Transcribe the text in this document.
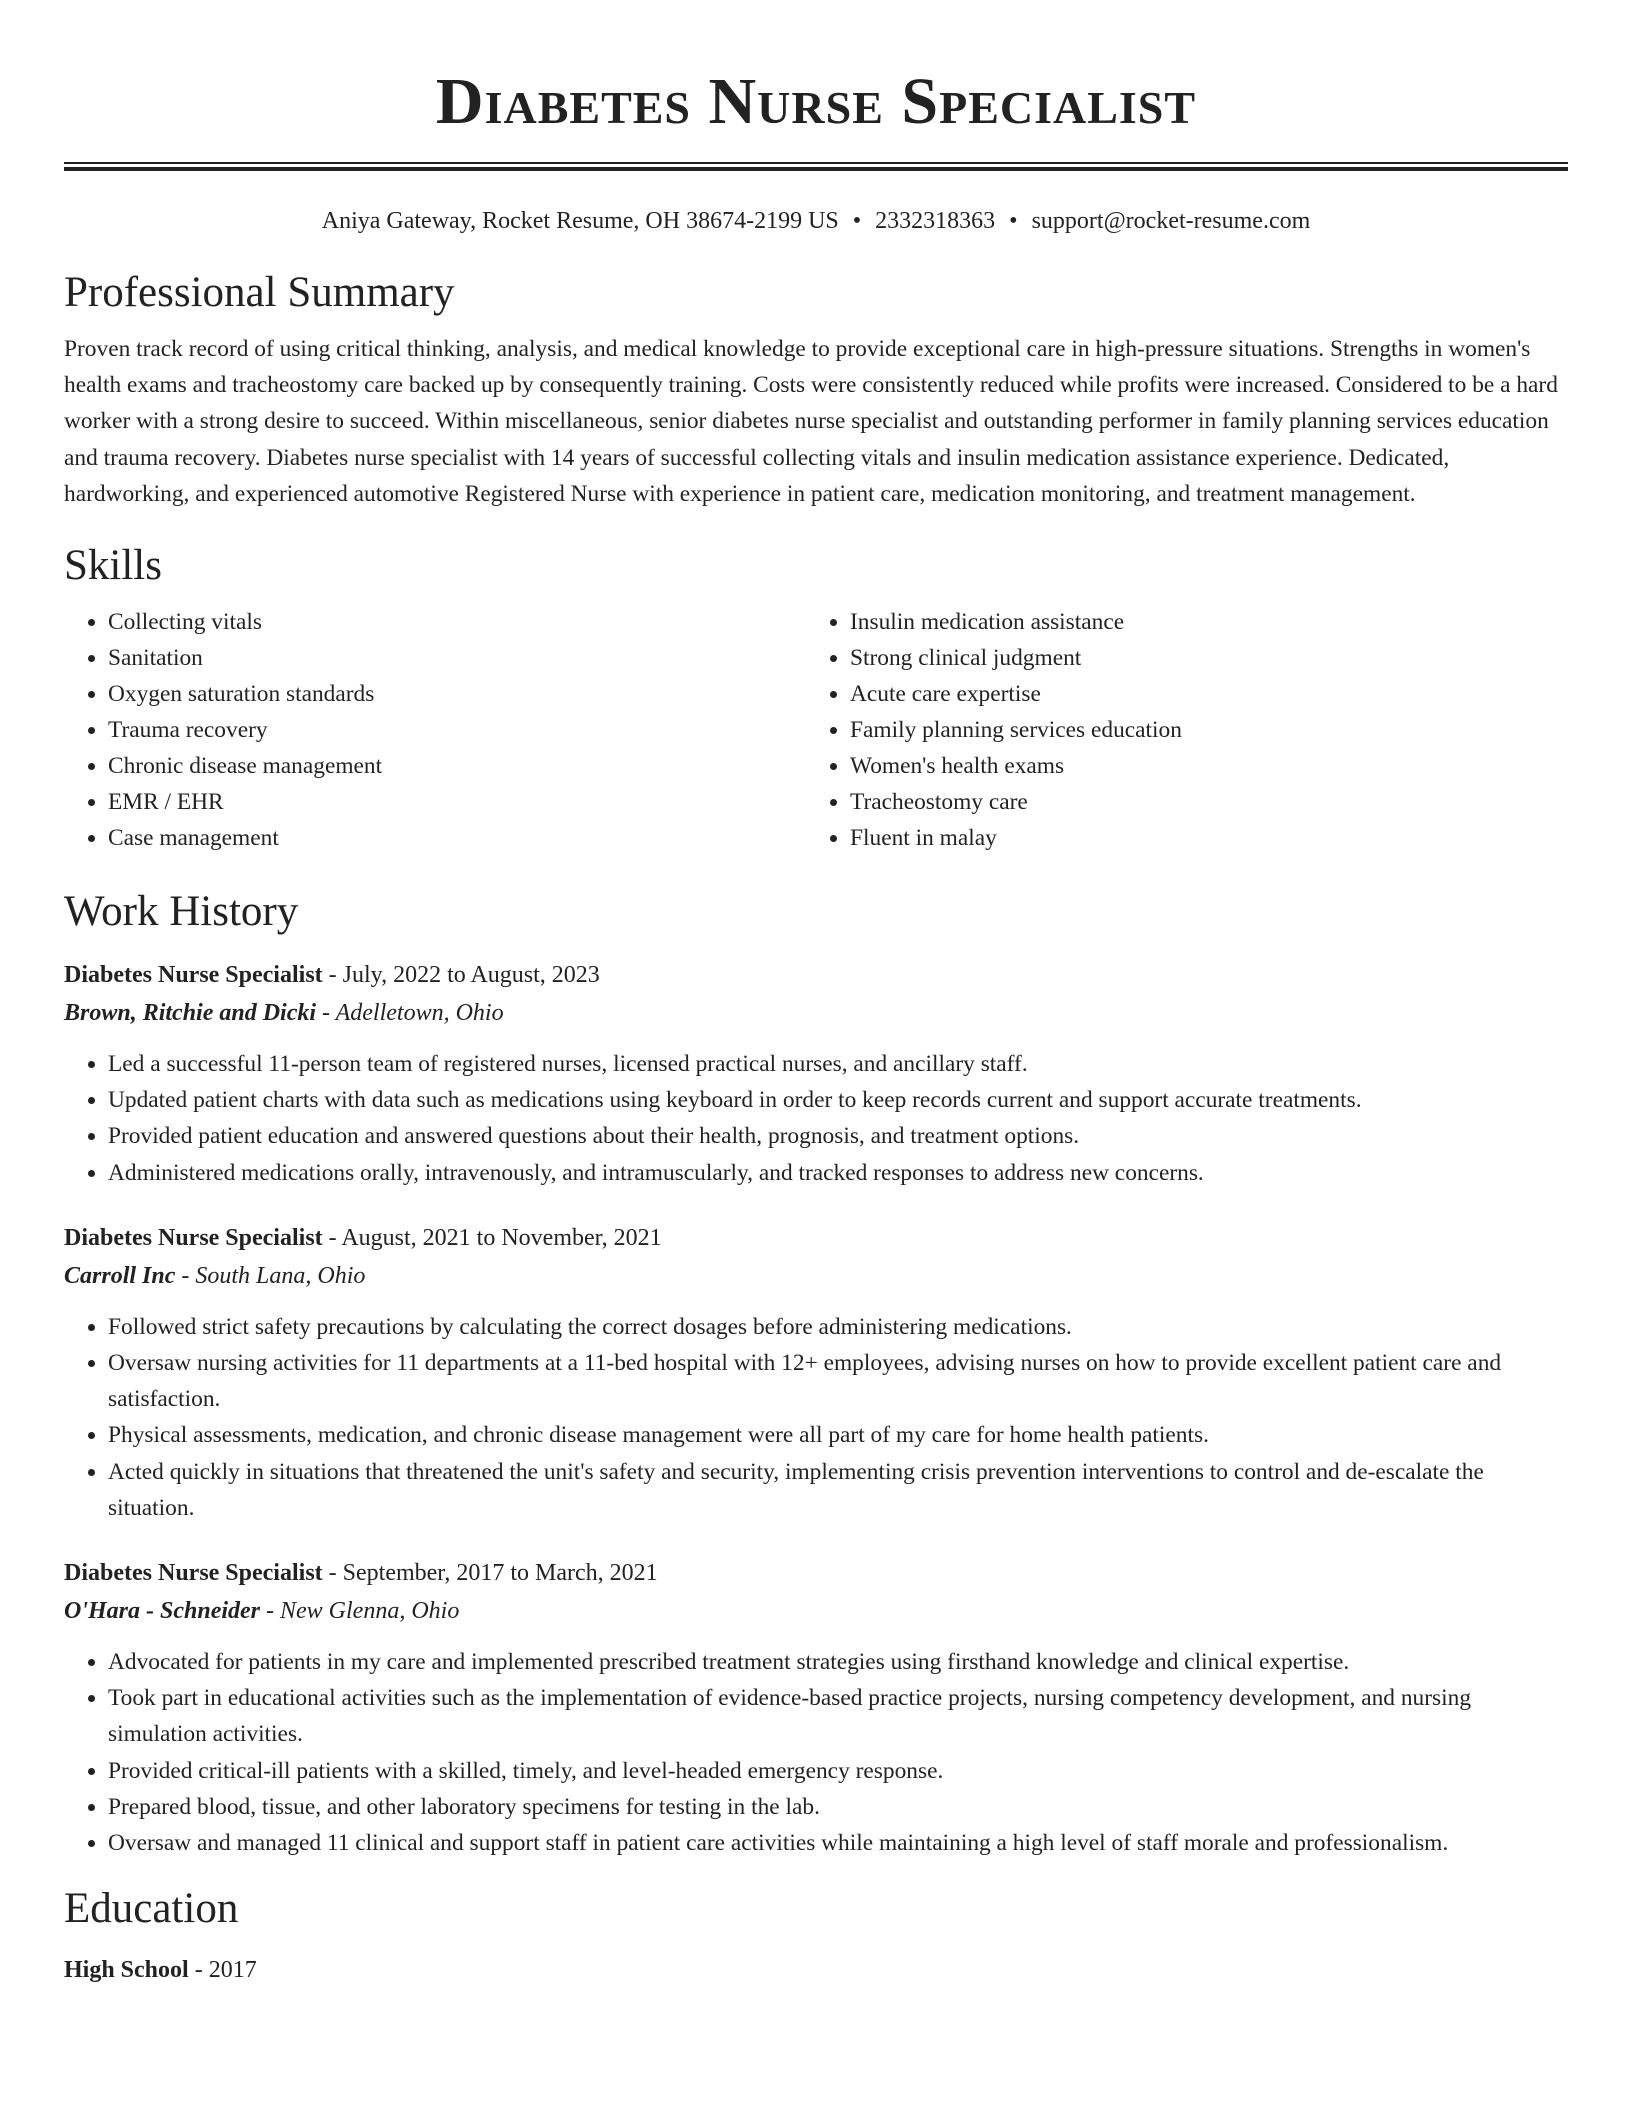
Diabetes Nurse Specialist
Aniya Gateway, Rocket Resume, OH 38674-2199 US • 2332318363 • support@rocket-resume.com
Professional Summary

Proven track record of using critical thinking, analysis, and medical knowledge to provide exceptional care in high-pressure situations. Strengths in women's health exams and tracheostomy care backed up by consequently training. Costs were consistently reduced while profits were increased. Considered to be a hard worker with a strong desire to succeed. Within miscellaneous, senior diabetes nurse specialist and outstanding performer in family planning services education and trauma recovery. Diabetes nurse specialist with 14 years of successful collecting vitals and insulin medication assistance experience. Dedicated, hardworking, and experienced automotive Registered Nurse with experience in patient care, medication monitoring, and treatment management.

Skills
• Collecting vitals
• Sanitation
• Oxygen saturation standards
• Trauma recovery
• Chronic disease management
• EMR / EHR
• Case management
• Insulin medication assistance
• Strong clinical judgment
• Acute care expertise
• Family planning services education
• Women's health exams
• Tracheostomy care
• Fluent in malay
Work History
Diabetes Nurse Specialist - July, 2022 to August, 2023
Brown, Ritchie and Dicki - Adelletown, Ohio
• Led a successful 11-person team of registered nurses, licensed practical nurses, and ancillary staff.
• Updated patient charts with data such as medications using keyboard in order to keep records current and support accurate treatments.
• Provided patient education and answered questions about their health, prognosis, and treatment options.
• Administered medications orally, intravenously, and intramuscularly, and tracked responses to address new concerns.
Diabetes Nurse Specialist - August, 2021 to November, 2021
Carroll Inc - South Lana, Ohio
• Followed strict safety precautions by calculating the correct dosages before administering medications.
• Oversaw nursing activities for 11 departments at a 11-bed hospital with 12+ employees, advising nurses on how to provide excellent patient care and satisfaction.
• Physical assessments, medication, and chronic disease management were all part of my care for home health patients.
• Acted quickly in situations that threatened the unit's safety and security, implementing crisis prevention interventions to control and de-escalate the situation.
Diabetes Nurse Specialist - September, 2017 to March, 2021
O'Hara - Schneider - New Glenna, Ohio
• Advocated for patients in my care and implemented prescribed treatment strategies using firsthand knowledge and clinical expertise.
• Took part in educational activities such as the implementation of evidence-based practice projects, nursing competency development, and nursing simulation activities.
• Provided critical-ill patients with a skilled, timely, and level-headed emergency response.
• Prepared blood, tissue, and other laboratory specimens for testing in the lab.
• Oversaw and managed 11 clinical and support staff in patient care activities while maintaining a high level of staff morale and professionalism.
Education
High School - 2017
